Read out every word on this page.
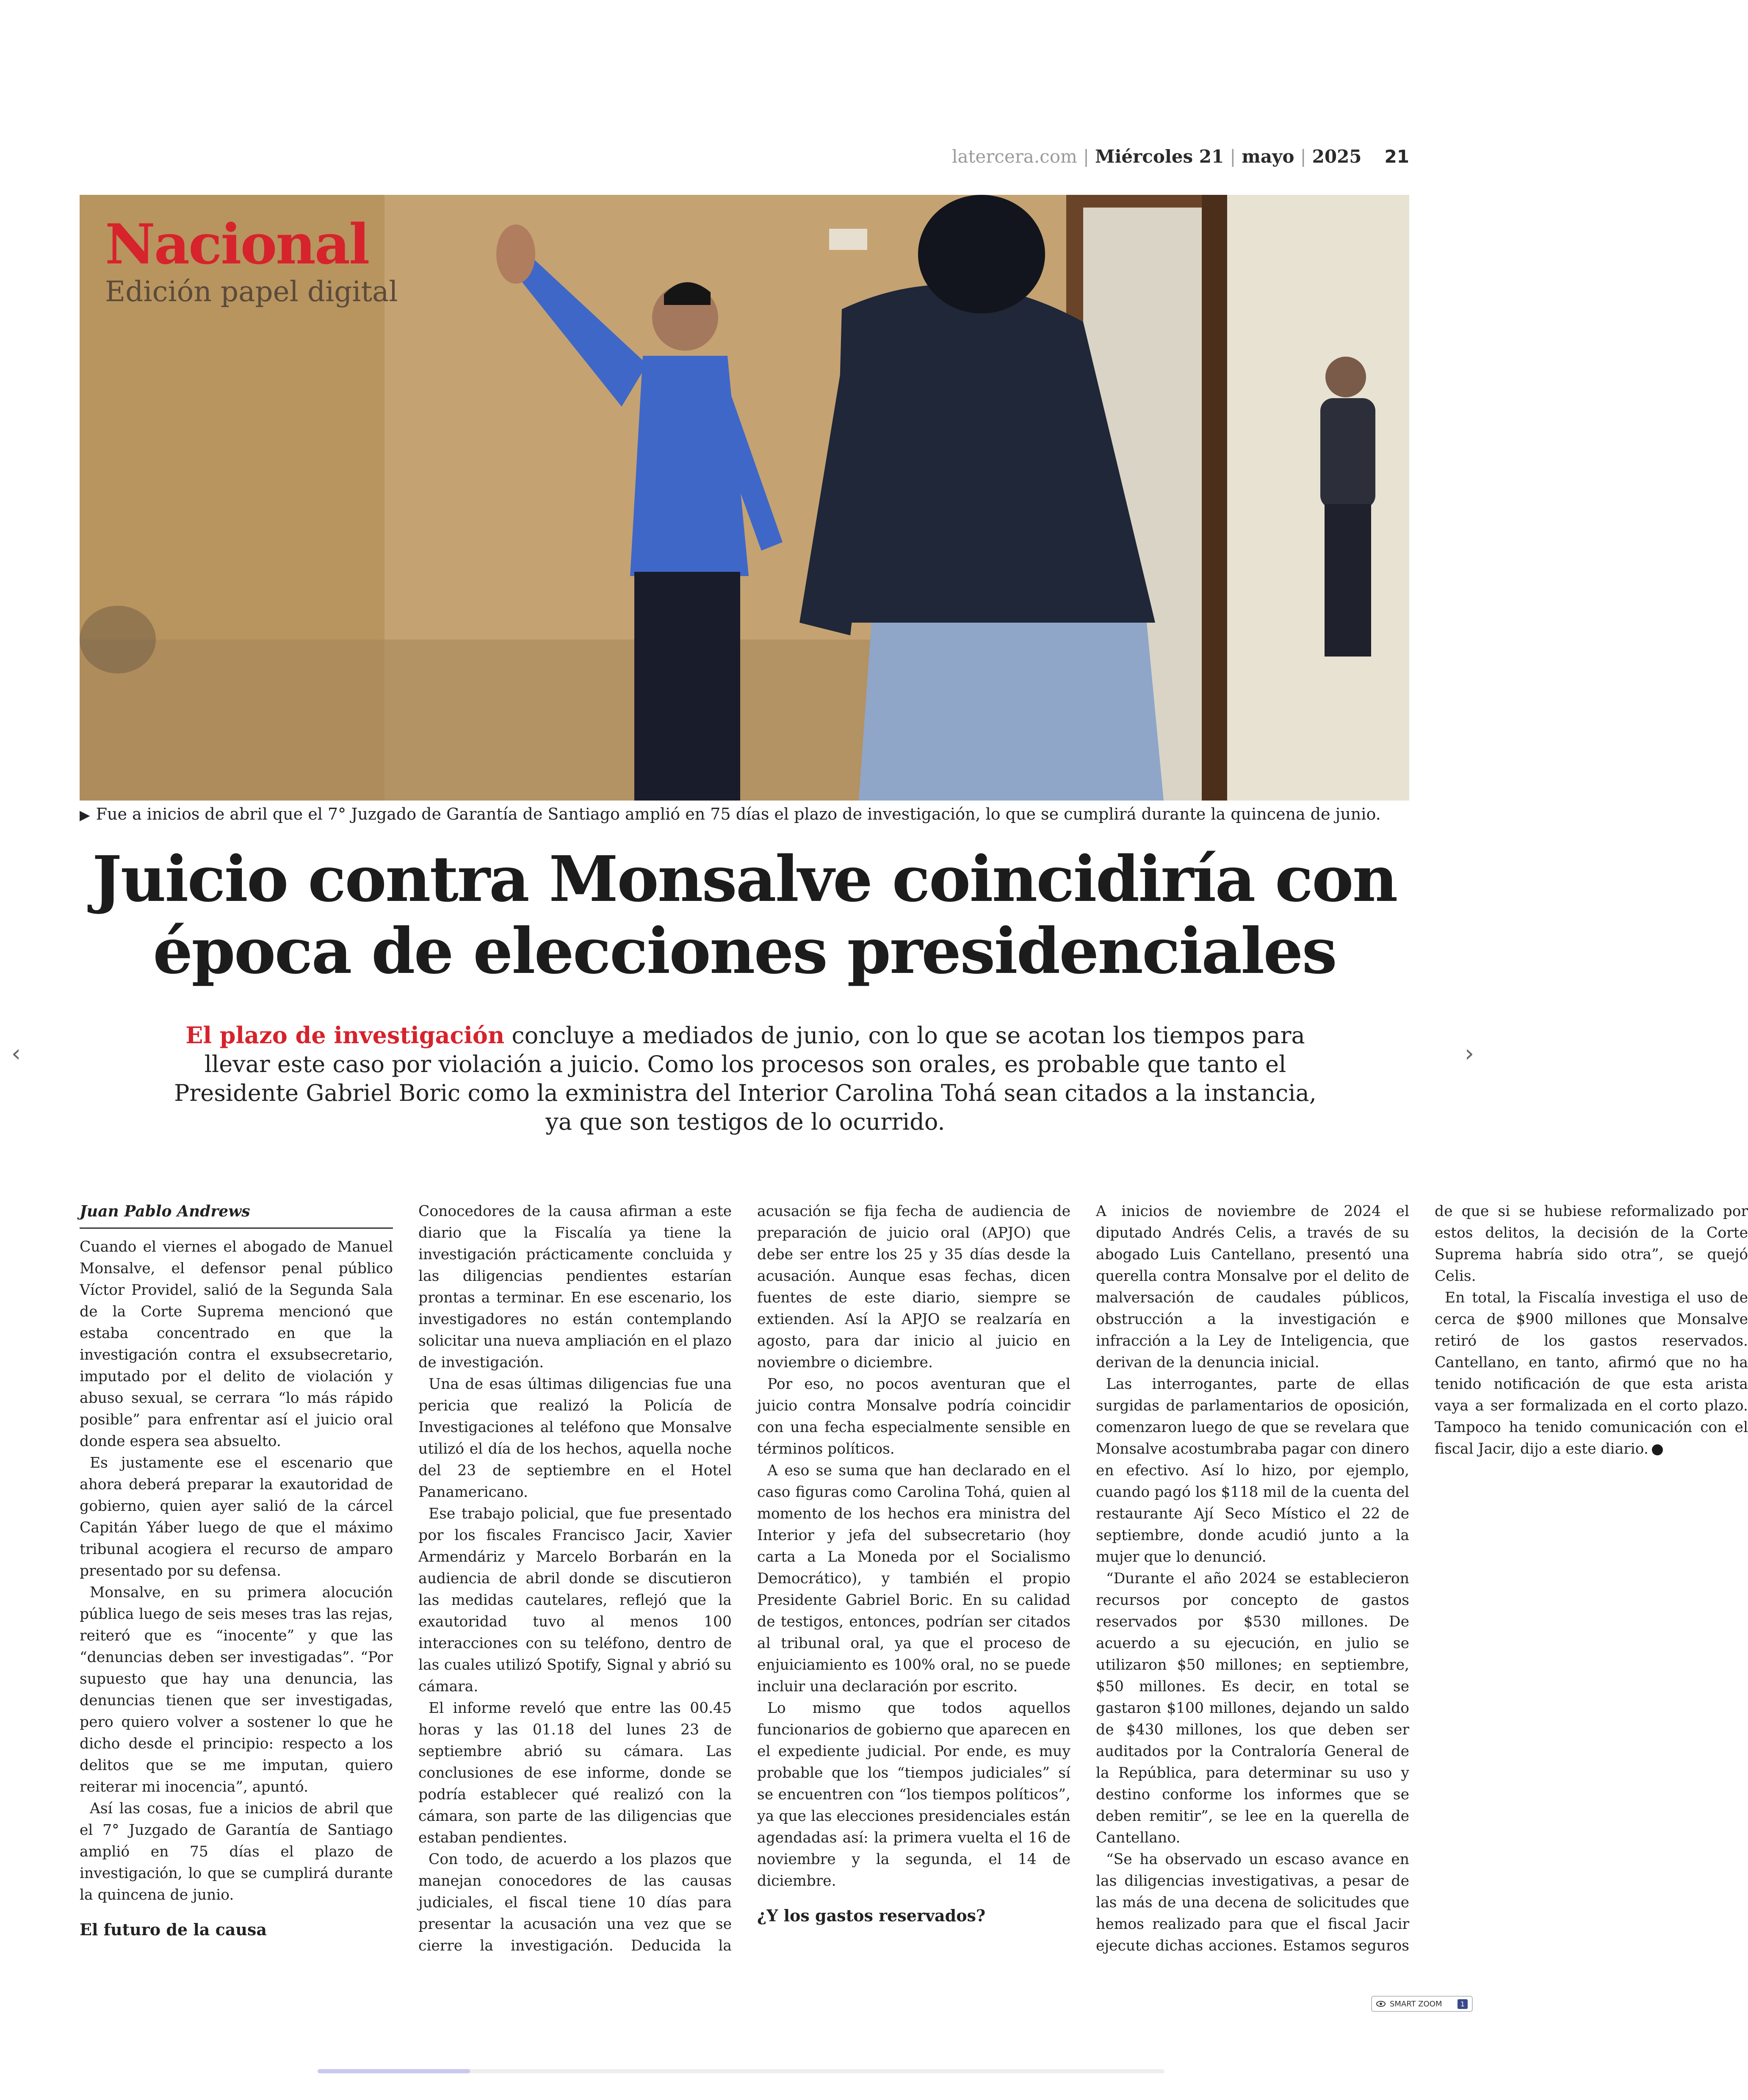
latercera.com | Miércoles 21 | mayo | 2025 21
Nacional
Edición papel digital
▶ Fue a inicios de abril que el 7° Juzgado de Garantía de Santiago amplió en 75 días el plazo de investigación, lo que se cumplirá durante la quincena de junio.
Juicio contra Monsalve coincidiría con época de elecciones presidenciales

El plazo de investigación concluye a mediados de junio, con lo que se acotan los tiempos para llevar este caso por violación a juicio. Como los procesos son orales, es probable que tanto el Presidente Gabriel Boric como la exministra del Interior Carolina Tohá sean citados a la instancia, ya que son testigos de lo ocurrido.

‹	›
Juan Pablo Andrews

Cuando el viernes el abogado de Manuel Monsalve, el defensor penal público Víctor Providel, salió de la Segunda Sala de la Corte Suprema mencionó que estaba concentrado en que la investigación contra el exsubsecretario, imputado por el delito de violación y abuso sexual, se cerrara “lo más rápido posible” para enfrentar así el juicio oral donde espera sea absuelto.

Es justamente ese el escenario que ahora deberá preparar la exautoridad de gobierno, quien ayer salió de la cárcel Capitán Yáber luego de que el máximo tribunal acogiera el recurso de amparo presentado por su defensa.

Monsalve, en su primera alocución pública luego de seis meses tras las rejas, reiteró que es “inocente” y que las “denuncias deben ser investigadas”. “Por supuesto que hay una denuncia, las denuncias tienen que ser investigadas, pero quiero volver a sostener lo que he dicho desde el principio: respecto a los delitos que se me imputan, quiero reiterar mi inocencia”, apuntó.

Así las cosas, fue a inicios de abril que el 7° Juzgado de Garantía de Santiago amplió en 75 días el plazo de investigación, lo que se cumplirá durante la quincena de junio.

El futuro de la causa

Conocedores de la causa afirman a este diario que la Fiscalía ya tiene la investigación prácticamente concluida y las diligencias pendientes estarían prontas a terminar. En ese escenario, los investigadores no están contemplando solicitar una nueva ampliación en el plazo de investigación.

Una de esas últimas diligencias fue una pericia que realizó la Policía de Investigaciones al teléfono que Monsalve utilizó el día de los hechos, aquella noche del 23 de septiembre en el Hotel Panamericano.

Ese trabajo policial, que fue presentado por los fiscales Francisco Jacir, Xavier Armendáriz y Marcelo Borbarán en la audiencia de abril donde se discutieron las medidas cautelares, reflejó que la exautoridad tuvo al menos 100 interacciones con su teléfono, dentro de las cuales utilizó Spotify, Signal y abrió su cámara.

El informe reveló que entre las 00.45 horas y las 01.18 del lunes 23 de septiembre abrió su cámara. Las conclusiones de ese informe, donde se podría establecer qué realizó con la cámara, son parte de las diligencias que estaban pendientes.

Con todo, de acuerdo a los plazos que manejan conocedores de las causas judiciales, el fiscal tiene 10 días para presentar la acusación una vez que se cierre la investigación. Deducida la acusación se fija fecha de audiencia de preparación de juicio oral (APJO) que debe ser entre los 25 y 35 días desde la acusación. Aunque esas fechas, dicen fuentes de este diario, siempre se extienden. Así la APJO se realzaría en agosto, para dar inicio al juicio en noviembre o diciembre.

Por eso, no pocos aventuran que el juicio contra Monsalve podría coincidir con una fecha especialmente sensible en términos políticos.

A eso se suma que han declarado en el caso figuras como Carolina Tohá, quien al momento de los hechos era ministra del Interior y jefa del subsecretario (hoy carta a La Moneda por el Socialismo Democrático), y también el propio Presidente Gabriel Boric. En su calidad de testigos, entonces, podrían ser citados al tribunal oral, ya que el proceso de enjuiciamiento es 100% oral, no se puede incluir una declaración por escrito.

Lo mismo que todos aquellos funcionarios de gobierno que aparecen en el expediente judicial. Por ende, es muy probable que los “tiempos judiciales” sí se encuentren con “los tiempos políticos”, ya que las elecciones presidenciales están agendadas así: la primera vuelta el 16 de noviembre y la segunda, el 14 de diciembre.

¿Y los gastos reservados?

A inicios de noviembre de 2024 el diputado Andrés Celis, a través de su abogado Luis Cantellano, presentó una querella contra Monsalve por el delito de malversación de caudales públicos, obstrucción a la investigación e infracción a la Ley de Inteligencia, que derivan de la denuncia inicial.

Las interrogantes, parte de ellas surgidas de parlamentarios de oposición, comenzaron luego de que se revelara que Monsalve acostumbraba pagar con dinero en efectivo. Así lo hizo, por ejemplo, cuando pagó los $118 mil de la cuenta del restaurante Ají Seco Místico el 22 de septiembre, donde acudió junto a la mujer que lo denunció.

“Durante el año 2024 se establecieron recursos por concepto de gastos reservados por $530 millones. De acuerdo a su ejecución, en julio se utilizaron $50 millones; en septiembre, $50 millones. Es decir, en total se gastaron $100 millones, dejando un saldo de $430 millones, los que deben ser auditados por la Contraloría General de la República, para determinar su uso y destino conforme los informes que se deben remitir”, se lee en la querella de Cantellano.

“Se ha observado un escaso avance en las diligencias investigativas, a pesar de las más de una decena de solicitudes que hemos realizado para que el fiscal Jacir ejecute dichas acciones. Estamos seguros de que si se hubiese reformalizado por estos delitos, la decisión de la Corte Suprema habría sido otra”, se quejó Celis.

En total, la Fiscalía investiga el uso de cerca de $900 millones que Monsalve retiró de los gastos reservados. Cantellano, en tanto, afirmó que no ha tenido notificación de que esta arista vaya a ser formalizada en el corto plazo. Tampoco ha tenido comunicación con el fiscal Jacir, dijo a este diario.

SMART ZOOM	1
